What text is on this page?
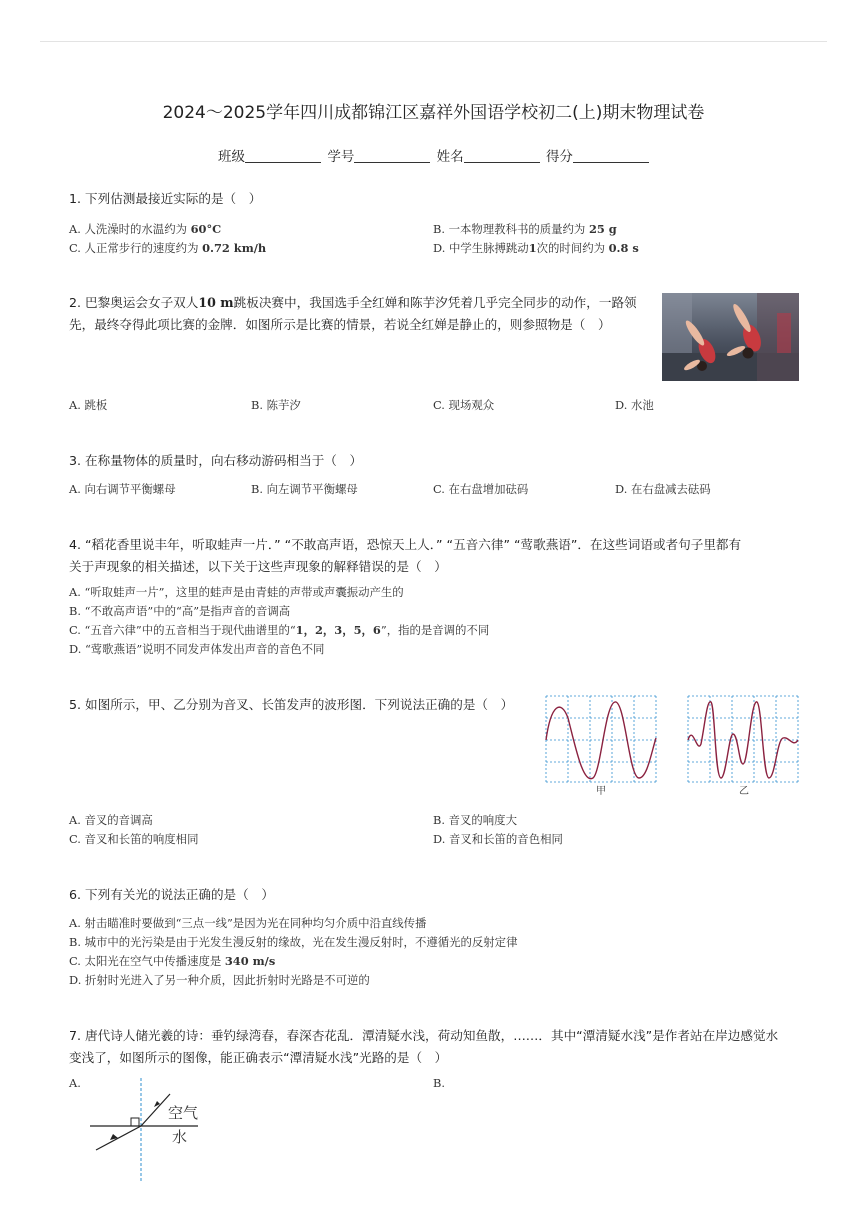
2024～2025学年四川成都锦江区嘉祥外国语学校初二(上)期末物理试卷
班级	学号	姓名	得分
1. 下列估测最接近实际的是（　）
A. 人洗澡时的水温约为 60°C	B. 一本物理教科书的质量约为 25 g
C. 人正常步行的速度约为 0.72 km/h	D. 中学生脉搏跳动1次的时间约为 0.8 s
2. 巴黎奥运会女子双人10 m跳板决赛中，我国选手全红婵和陈芋汐凭着几乎完全同步的动作，一路领
先，最终夺得此项比赛的金牌．如图所示是比赛的情景，若说全红婵是静止的，则参照物是（　）
A. 跳板	B. 陈芋汐	C. 现场观众	D. 水池
3. 在称量物体的质量时，向右移动游码相当于（　）
A. 向右调节平衡螺母	B. 向左调节平衡螺母	C. 在右盘增加砝码	D. 在右盘减去砝码
4. “稻花香里说丰年，听取蛙声一片．” “不敢高声语，恐惊天上人．” “五音六律” “莺歌燕语”．在这些词语或者句子里都有
关于声现象的相关描述，以下关于这些声现象的解释错误的是（　）
A. “听取蛙声一片”，这里的蛙声是由青蛙的声带或声囊振动产生的
B. “不敢高声语”中的“高”是指声音的音调高
C. “五音六律”中的五音相当于现代曲谱里的“1，2，3，5，6”，指的是音调的不同
D. “莺歌燕语”说明不同发声体发出声音的音色不同
5. 如图所示，甲、乙分别为音叉、长笛发声的波形图．下列说法正确的是（　）
甲	乙
A. 音叉的音调高	B. 音叉的响度大
C. 音叉和长笛的响度相同	D. 音叉和长笛的音色相同
6. 下列有关光的说法正确的是（　）
A. 射击瞄准时要做到“三点一线”是因为光在同种均匀介质中沿直线传播
B. 城市中的光污染是由于光发生漫反射的缘故，光在发生漫反射时，不遵循光的反射定律
C. 太阳光在空气中传播速度是 340 m/s
D. 折射时光进入了另一种介质，因此折射时光路是不可逆的
7. 唐代诗人储光羲的诗：垂钓绿湾春，春深杏花乱．潭清疑水浅，荷动知鱼散，……．其中“潭清疑水浅”是作者站在岸边感觉水
变浅了，如图所示的图像，能正确表示“潭清疑水浅”光路的是（　）
A.	B.
空气
水
